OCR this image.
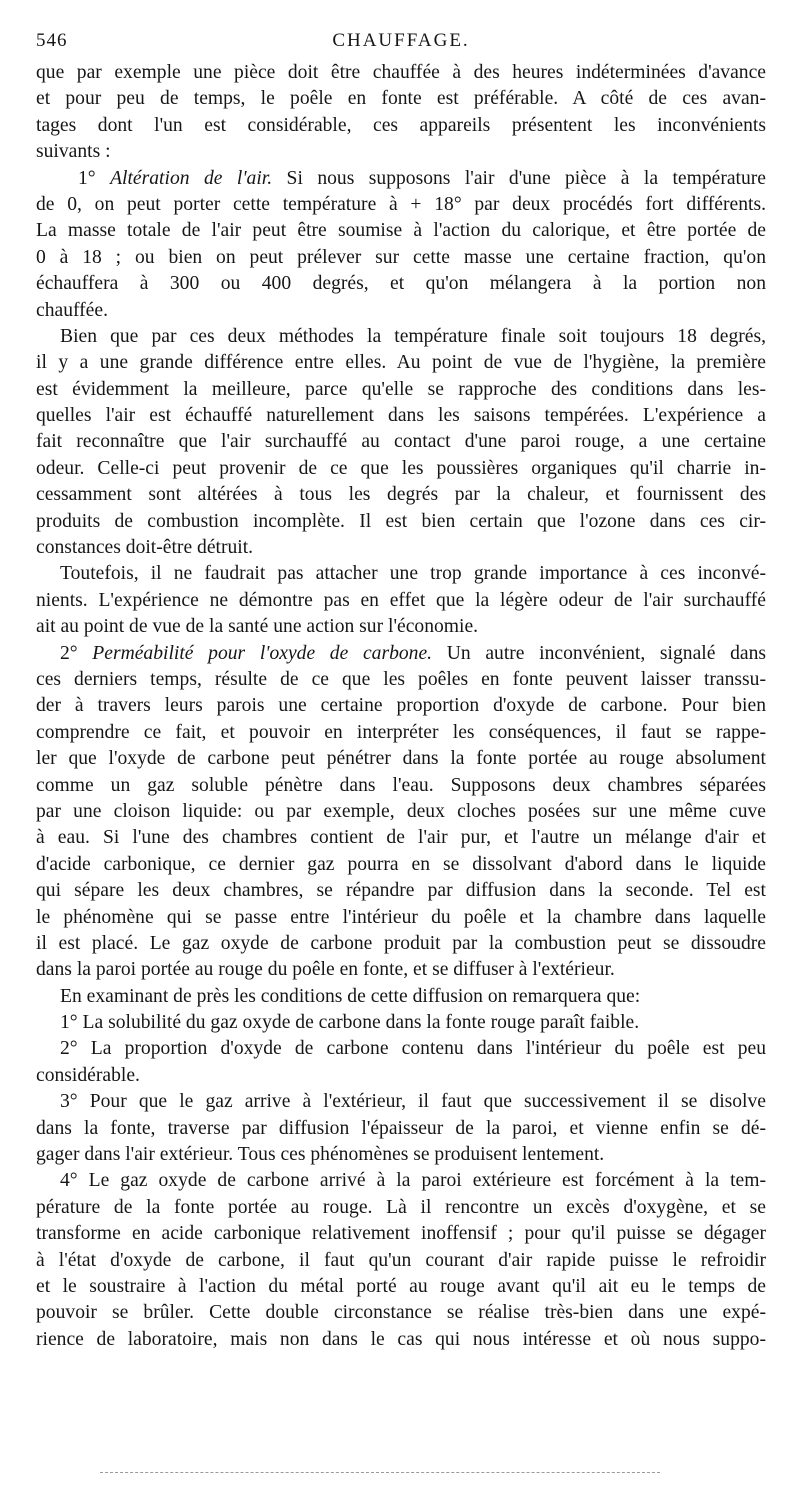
546	CHAUFFAGE.
que par exemple une pièce doit être chauffée à des heures indéterminées d'avance
et pour peu de temps, le poêle en fonte est préférable. A côté de ces avan-
tages dont l'un est considérable, ces appareils présentent les inconvénients
suivants :
1° Altération de l'air. Si nous supposons l'air d'une pièce à la température
de 0, on peut porter cette température à + 18° par deux procédés fort différents.
La masse totale de l'air peut être soumise à l'action du calorique, et être portée de
0 à 18 ; ou bien on peut prélever sur cette masse une certaine fraction, qu'on
échauffera à 300 ou 400 degrés, et qu'on mélangera à la portion non
chauffée.
Bien que par ces deux méthodes la température finale soit toujours 18 degrés,
il y a une grande différence entre elles. Au point de vue de l'hygiène, la première
est évidemment la meilleure, parce qu'elle se rapproche des conditions dans les-
quelles l'air est échauffé naturellement dans les saisons tempérées. L'expérience a
fait reconnaître que l'air surchauffé au contact d'une paroi rouge, a une certaine
odeur. Celle-ci peut provenir de ce que les poussières organiques qu'il charrie in-
cessamment sont altérées à tous les degrés par la chaleur, et fournissent des
produits de combustion incomplète. Il est bien certain que l'ozone dans ces cir-
constances doit-être détruit.
Toutefois, il ne faudrait pas attacher une trop grande importance à ces inconvé-
nients. L'expérience ne démontre pas en effet que la légère odeur de l'air surchauffé
ait au point de vue de la santé une action sur l'économie.
2° Perméabilité pour l'oxyde de carbone. Un autre inconvénient, signalé dans
ces derniers temps, résulte de ce que les poêles en fonte peuvent laisser transsu-
der à travers leurs parois une certaine proportion d'oxyde de carbone. Pour bien
comprendre ce fait, et pouvoir en interpréter les conséquences, il faut se rappe-
ler que l'oxyde de carbone peut pénétrer dans la fonte portée au rouge absolument
comme un gaz soluble pénètre dans l'eau. Supposons deux chambres séparées
par une cloison liquide: ou par exemple, deux cloches posées sur une même cuve
à eau. Si l'une des chambres contient de l'air pur, et l'autre un mélange d'air et
d'acide carbonique, ce dernier gaz pourra en se dissolvant d'abord dans le liquide
qui sépare les deux chambres, se répandre par diffusion dans la seconde. Tel est
le phénomène qui se passe entre l'intérieur du poêle et la chambre dans laquelle
il est placé. Le gaz oxyde de carbone produit par la combustion peut se dissoudre
dans la paroi portée au rouge du poêle en fonte, et se diffuser à l'extérieur.
En examinant de près les conditions de cette diffusion on remarquera que:
1° La solubilité du gaz oxyde de carbone dans la fonte rouge paraît faible.
2° La proportion d'oxyde de carbone contenu dans l'intérieur du poêle est peu
considérable.
3° Pour que le gaz arrive à l'extérieur, il faut que successivement il se disolve
dans la fonte, traverse par diffusion l'épaisseur de la paroi, et vienne enfin se dé-
gager dans l'air extérieur. Tous ces phénomènes se produisent lentement.
4° Le gaz oxyde de carbone arrivé à la paroi extérieure est forcément à la tem-
pérature de la fonte portée au rouge. Là il rencontre un excès d'oxygène, et se
transforme en acide carbonique relativement inoffensif ; pour qu'il puisse se dégager
à l'état d'oxyde de carbone, il faut qu'un courant d'air rapide puisse le refroidir
et le soustraire à l'action du métal porté au rouge avant qu'il ait eu le temps de
pouvoir se brûler. Cette double circonstance se réalise très-bien dans une expé-
rience de laboratoire, mais non dans le cas qui nous intéresse et où nous suppo-
